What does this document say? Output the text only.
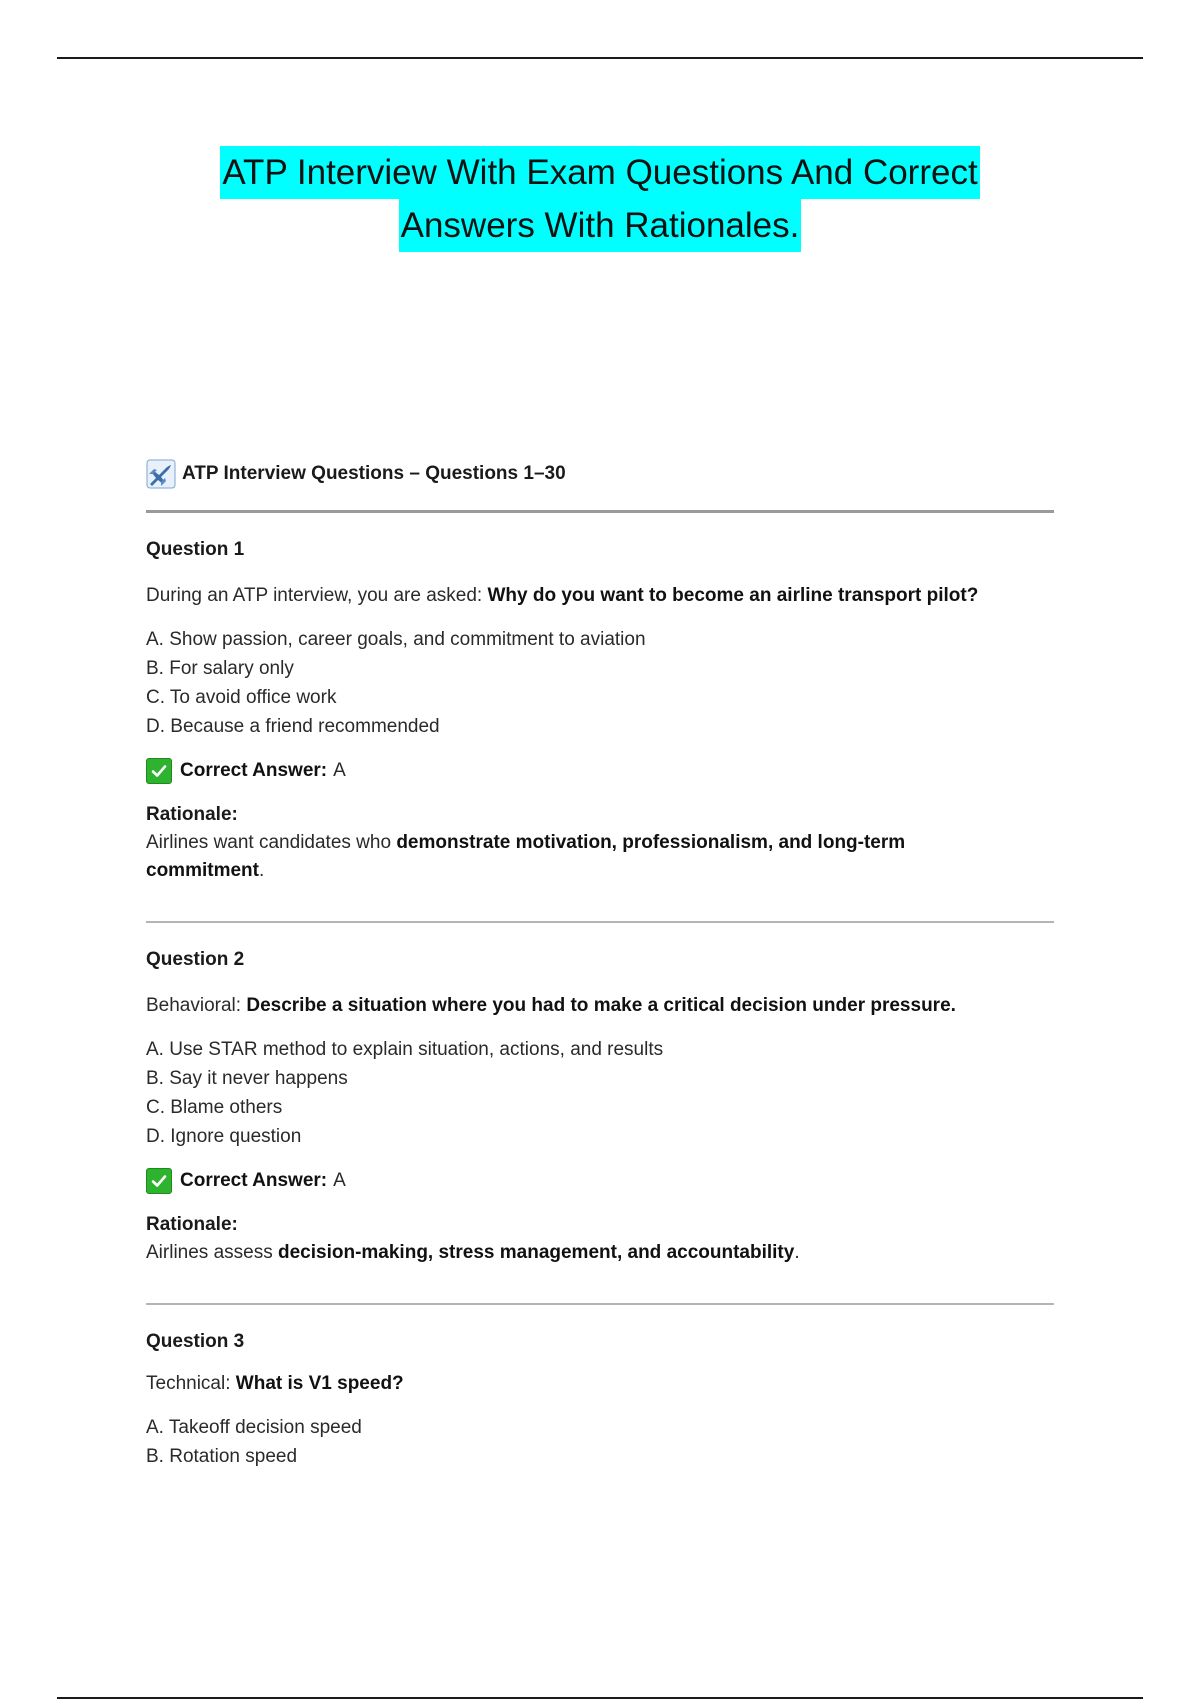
ATP Interview With Exam Questions And Correct
Answers With Rationales.
ATP Interview Questions – Questions 1–30
Question 1
During an ATP interview, you are asked: Why do you want to become an airline transport pilot?
A. Show passion, career goals, and commitment to aviation
B. For salary only
C. To avoid office work
D. Because a friend recommended
Correct Answer: A
Rationale:
Airlines want candidates who demonstrate motivation, professionalism, and long-term commitment.
Question 2
Behavioral: Describe a situation where you had to make a critical decision under pressure.
A. Use STAR method to explain situation, actions, and results
B. Say it never happens
C. Blame others
D. Ignore question
Correct Answer: A
Rationale:
Airlines assess decision-making, stress management, and accountability.
Question 3
Technical: What is V1 speed?
A. Takeoff decision speed
B. Rotation speed
